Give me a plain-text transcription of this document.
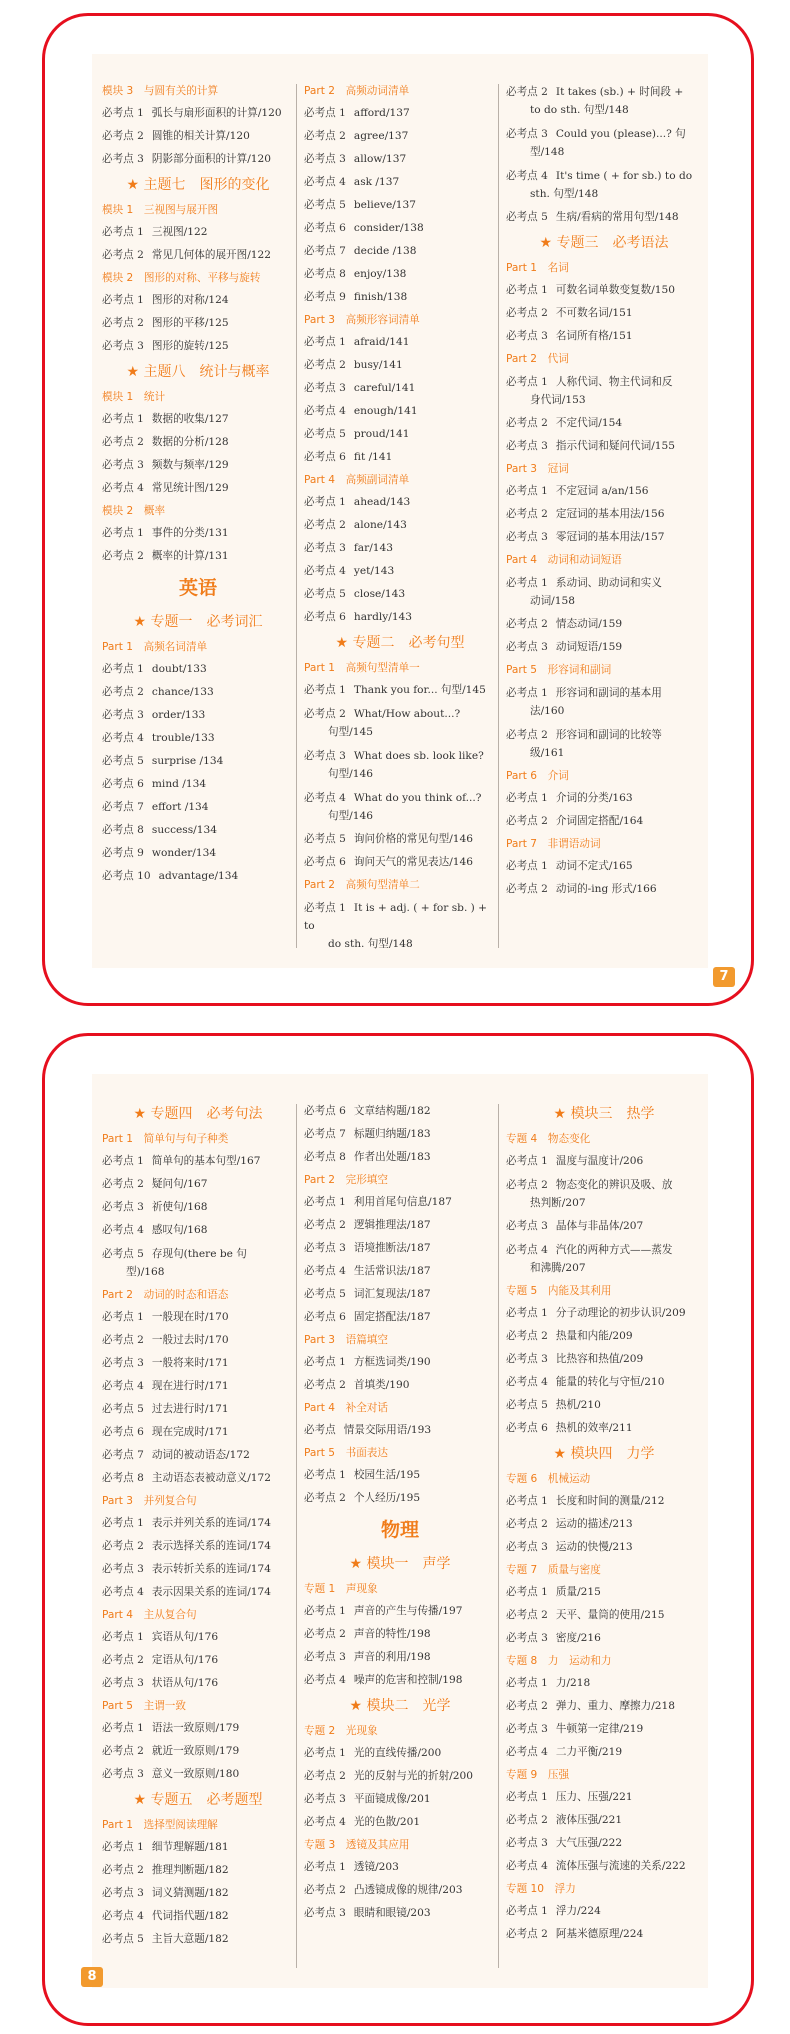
模块 3　与圆有关的计算
必考点 1 弧长与扇形面积的计算/120
必考点 2 圆锥的相关计算/120
必考点 3 阴影部分面积的计算/120
★ 主题七　图形的变化
模块 1　三视图与展开图
必考点 1 三视图/122
必考点 2 常见几何体的展开图/122
模块 2　图形的对称、平移与旋转
必考点 1 图形的对称/124
必考点 2 图形的平移/125
必考点 3 图形的旋转/125
★ 主题八　统计与概率
模块 1　统计
必考点 1 数据的收集/127
必考点 2 数据的分析/128
必考点 3 频数与频率/129
必考点 4 常见统计图/129
模块 2　概率
必考点 1 事件的分类/131
必考点 2 概率的计算/131
英语
★ 专题一　必考词汇
Part 1　高频名词清单
必考点 1 doubt/133
必考点 2 chance/133
必考点 3 order/133
必考点 4 trouble/133
必考点 5 surprise /134
必考点 6 mind /134
必考点 7 effort /134
必考点 8 success/134
必考点 9 wonder/134
必考点 10 advantage/134
Part 2　高频动词清单
必考点 1 afford/137
必考点 2 agree/137
必考点 3 allow/137
必考点 4 ask /137
必考点 5 believe/137
必考点 6 consider/138
必考点 7 decide /138
必考点 8 enjoy/138
必考点 9 finish/138
Part 3　高频形容词清单
必考点 1 afraid/141
必考点 2 busy/141
必考点 3 careful/141
必考点 4 enough/141
必考点 5 proud/141
必考点 6 fit /141
Part 4　高频副词清单
必考点 1 ahead/143
必考点 2 alone/143
必考点 3 far/143
必考点 4 yet/143
必考点 5 close/143
必考点 6 hardly/143
★ 专题二　必考句型
Part 1　高频句型清单一
必考点 1 Thank you for... 句型/145
必考点 2 What/How about...?
句型/145
必考点 3 What does sb. look like?
句型/146
必考点 4 What do you think of...?
句型/146
必考点 5 询问价格的常见句型/146
必考点 6 询问天气的常见表达/146
Part 2　高频句型清单二
必考点 1 It is + adj. ( + for sb. ) + to
do sth. 句型/148
必考点 2 It takes (sb.) + 时间段 +
to do sth. 句型/148
必考点 3 Could you (please)...? 句
型/148
必考点 4 It's time ( + for sb.) to do
sth. 句型/148
必考点 5 生病/看病的常用句型/148
★ 专题三　必考语法
Part 1　名词
必考点 1 可数名词单数变复数/150
必考点 2 不可数名词/151
必考点 3 名词所有格/151
Part 2　代词
必考点 1 人称代词、物主代词和反
身代词/153
必考点 2 不定代词/154
必考点 3 指示代词和疑问代词/155
Part 3　冠词
必考点 1 不定冠词 a/an/156
必考点 2 定冠词的基本用法/156
必考点 3 零冠词的基本用法/157
Part 4　动词和动词短语
必考点 1 系动词、助动词和实义
动词/158
必考点 2 情态动词/159
必考点 3 动词短语/159
Part 5　形容词和副词
必考点 1 形容词和副词的基本用
法/160
必考点 2 形容词和副词的比较等
级/161
Part 6　介词
必考点 1 介词的分类/163
必考点 2 介词固定搭配/164
Part 7　非谓语动词
必考点 1 动词不定式/165
必考点 2 动词的-ing 形式/166
7
★ 专题四　必考句法
Part 1　简单句与句子种类
必考点 1 简单句的基本句型/167
必考点 2 疑问句/167
必考点 3 祈使句/168
必考点 4 感叹句/168
必考点 5 存现句(there be 句
型)/168
Part 2　动词的时态和语态
必考点 1 一般现在时/170
必考点 2 一般过去时/170
必考点 3 一般将来时/171
必考点 4 现在进行时/171
必考点 5 过去进行时/171
必考点 6 现在完成时/171
必考点 7 动词的被动语态/172
必考点 8 主动语态表被动意义/172
Part 3　并列复合句
必考点 1 表示并列关系的连词/174
必考点 2 表示选择关系的连词/174
必考点 3 表示转折关系的连词/174
必考点 4 表示因果关系的连词/174
Part 4　主从复合句
必考点 1 宾语从句/176
必考点 2 定语从句/176
必考点 3 状语从句/176
Part 5　主谓一致
必考点 1 语法一致原则/179
必考点 2 就近一致原则/179
必考点 3 意义一致原则/180
★ 专题五　必考题型
Part 1　选择型阅读理解
必考点 1 细节理解题/181
必考点 2 推理判断题/182
必考点 3 词义猜测题/182
必考点 4 代词指代题/182
必考点 5 主旨大意题/182
必考点 6 文章结构题/182
必考点 7 标题归纳题/183
必考点 8 作者出处题/183
Part 2　完形填空
必考点 1 利用首尾句信息/187
必考点 2 逻辑推理法/187
必考点 3 语境推断法/187
必考点 4 生活常识法/187
必考点 5 词汇复现法/187
必考点 6 固定搭配法/187
Part 3　语篇填空
必考点 1 方框选词类/190
必考点 2 首填类/190
Part 4　补全对话
必考点 情景交际用语/193
Part 5　书面表达
必考点 1 校园生活/195
必考点 2 个人经历/195
物理
★ 模块一　声学
专题 1　声现象
必考点 1 声音的产生与传播/197
必考点 2 声音的特性/198
必考点 3 声音的利用/198
必考点 4 噪声的危害和控制/198
★ 模块二　光学
专题 2　光现象
必考点 1 光的直线传播/200
必考点 2 光的反射与光的折射/200
必考点 3 平面镜成像/201
必考点 4 光的色散/201
专题 3　透镜及其应用
必考点 1 透镜/203
必考点 2 凸透镜成像的规律/203
必考点 3 眼睛和眼镜/203
★ 模块三　热学
专题 4　物态变化
必考点 1 温度与温度计/206
必考点 2 物态变化的辨识及吸、放
热判断/207
必考点 3 晶体与非晶体/207
必考点 4 汽化的两种方式——蒸发
和沸腾/207
专题 5　内能及其利用
必考点 1 分子动理论的初步认识/209
必考点 2 热量和内能/209
必考点 3 比热容和热值/209
必考点 4 能量的转化与守恒/210
必考点 5 热机/210
必考点 6 热机的效率/211
★ 模块四　力学
专题 6　机械运动
必考点 1 长度和时间的测量/212
必考点 2 运动的描述/213
必考点 3 运动的快慢/213
专题 7　质量与密度
必考点 1 质量/215
必考点 2 天平、量筒的使用/215
必考点 3 密度/216
专题 8　力　运动和力
必考点 1 力/218
必考点 2 弹力、重力、摩擦力/218
必考点 3 牛顿第一定律/219
必考点 4 二力平衡/219
专题 9　压强
必考点 1 压力、压强/221
必考点 2 液体压强/221
必考点 3 大气压强/222
必考点 4 流体压强与流速的关系/222
专题 10　浮力
必考点 1 浮力/224
必考点 2 阿基米德原理/224
8
